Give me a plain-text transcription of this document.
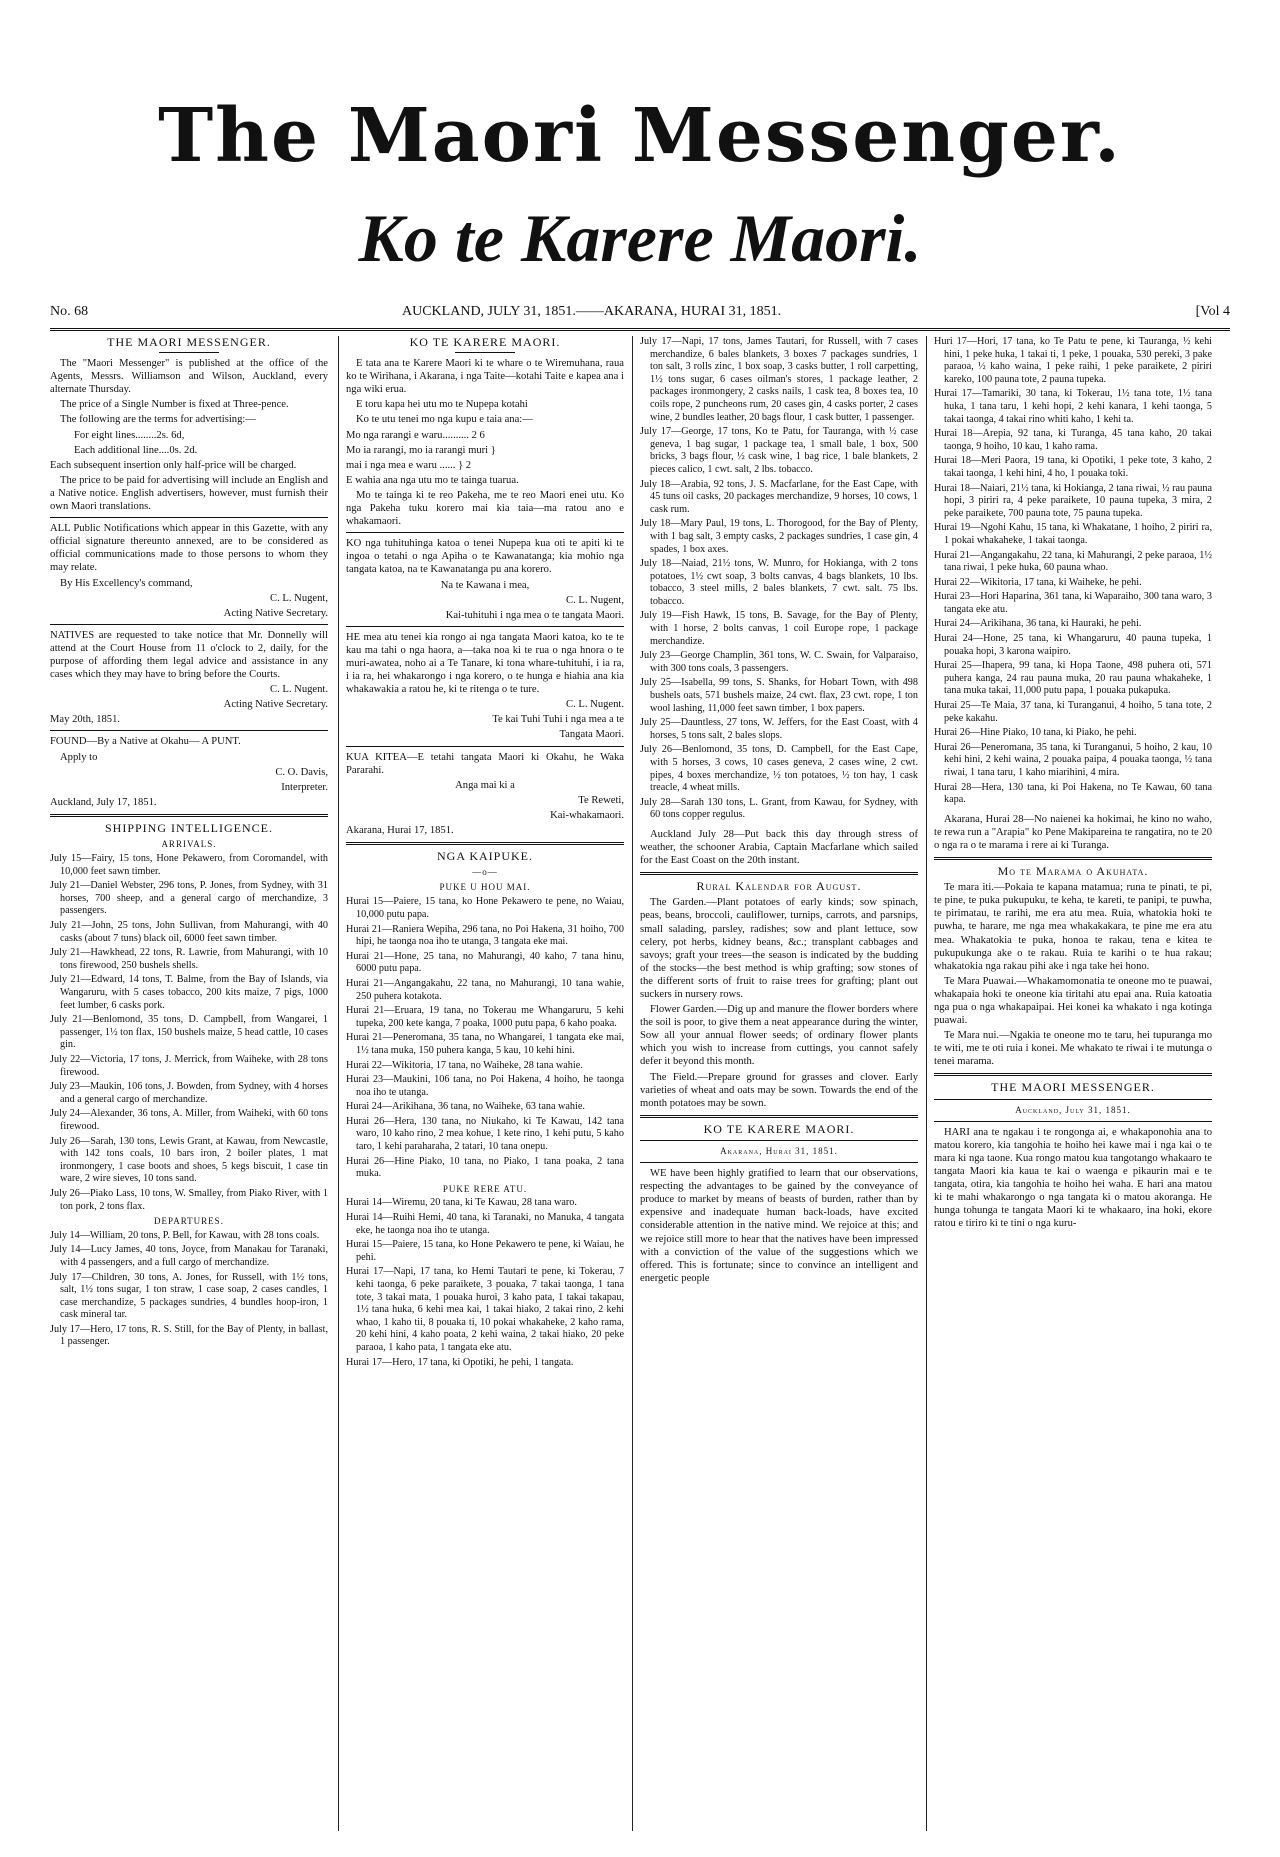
The Maori Messenger.
Ko te Karere Maori.
No. 68	AUCKLAND, JULY 31, 1851.——AKARANA, HURAI 31, 1851.	[Vol 4
THE MAORI MESSENGER.

The "Maori Messenger" is published at the office of the Agents, Messrs. Williamson and Wilson, Auckland, every alternate Thursday.

The price of a Single Number is fixed at Three-pence.

The following are the terms for advertising:—

For eight lines........2s. 6d,

Each additional line....0s. 2d.

Each subsequent insertion only half-price will be charged.

The price to be paid for advertising will include an English and a Native notice. English advertisers, however, must furnish their own Maori translations.

ALL Public Notifications which appear in this Gazette, with any official signature thereunto annexed, are to be considered as official communications made to those persons to whom they may relate.

By His Excellency's command,

C. L. Nugent,

Acting Native Secretary.

NATIVES are requested to take notice that Mr. Donnelly will attend at the Court House from 11 o'clock to 2, daily, for the purpose of affording them legal advice and assistance in any cases which they may have to bring before the Courts.

C. L. Nugent.

Acting Native Secretary.

May 20th, 1851.

FOUND—By a Native at Okahu— A PUNT.

Apply to

C. O. Davis,

Interpreter.

Auckland, July 17, 1851.

SHIPPING INTELLIGENCE.
ARRIVALS.

July 15—Fairy, 15 tons, Hone Pekawero, from Coromandel, with 10,000 feet sawn timber.

July 21—Daniel Webster, 296 tons, P. Jones, from Sydney, with 31 horses, 700 sheep, and a general cargo of merchandize, 3 passengers.

July 21—John, 25 tons, John Sullivan, from Mahurangi, with 40 casks (about 7 tuns) black oil, 6000 feet sawn timber.

July 21—Hawkhead, 22 tons, R. Lawrie, from Mahurangi, with 10 tons firewood, 250 bushels shells.

July 21—Edward, 14 tons, T. Balme, from the Bay of Islands, via Wangaruru, with 5 cases tobacco, 200 kits maize, 7 pigs, 1000 feet lumber, 6 casks pork.

July 21—Benlomond, 35 tons, D. Campbell, from Wangarei, 1 passenger, 1½ ton flax, 150 bushels maize, 5 head cattle, 10 cases gin.

July 22—Victoria, 17 tons, J. Merrick, from Waiheke, with 28 tons firewood.

July 23—Maukin, 106 tons, J. Bowden, from Sydney, with 4 horses and a general cargo of merchandize.

July 24—Alexander, 36 tons, A. Miller, from Waiheki, with 60 tons firewood.

July 26—Sarah, 130 tons, Lewis Grant, at Kawau, from Newcastle, with 142 tons coals, 10 bars iron, 2 boiler plates, 1 mat ironmongery, 1 case boots and shoes, 5 kegs biscuit, 1 case tin ware, 2 wire sieves, 10 tons sand.

July 26—Piako Lass, 10 tons, W. Smalley, from Piako River, with 1 ton pork, 2 tons flax.

DEPARTURES.

July 14—William, 20 tons, P. Bell, for Kawau, with 28 tons coals.

July 14—Lucy James, 40 tons, Joyce, from Manakau for Taranaki, with 4 passengers, and a full cargo of merchandize.

July 17—Children, 30 tons, A. Jones, for Russell, with 1½ tons, salt, 1½ tons sugar, 1 ton straw, 1 case soap, 2 cases candles, 1 case merchandize, 5 packages sundries, 4 bundles hoop-iron, 1 cask mineral tar.

July 17—Hero, 17 tons, R. S. Still, for the Bay of Plenty, in ballast, 1 passenger.

KO TE KARERE MAORI.

E tata ana te Karere Maori ki te whare o te Wiremuhana, raua ko te Wirihana, i Akarana, i nga Taite—kotahi Taite e kapea ana i nga wiki erua.

E toru kapa hei utu mo te Nupepa kotahi

Ko te utu tenei mo nga kupu e taia ana:—

Mo nga rarangi e waru.......... 2 6

Mo ia rarangi, mo ia rarangi muri }

mai i nga mea e waru ...... } 2

E wahia ana nga utu mo te tainga tuarua.

Mo te tainga ki te reo Pakeha, me te reo Maori enei utu. Ko nga Pakeha tuku korero mai kia taia—ma ratou ano e whakamaori.

KO nga tuhituhinga katoa o tenei Nupepa kua oti te apiti ki te ingoa o tetahi o nga Apiha o te Kawanatanga; kia mohio nga tangata katoa, na te Kawanatanga pu ana korero.

Na te Kawana i mea,

C. L. Nugent,

Kai-tuhituhi i nga mea o te tangata Maori.

HE mea atu tenei kia rongo ai nga tangata Maori katoa, ko te te kau ma tahi o nga haora, a—taka noa ki te rua o nga hnora o te muri-awatea, noho ai a Te Tanare, ki tona whare-tuhituhi, i ia ra, i ia ra, hei whakarongo i nga korero, o te hunga e hiahia ana kia whakawakia a ratou he, ki te ritenga o te ture.

C. L. Nugent.

Te kai Tuhi Tuhi i nga mea a te

Tangata Maori.

KUA KITEA—E tetahi tangata Maori ki Okahu, he Waka Pararahi.

Anga mai ki a

Te Reweti,

Kai-whakamaori.

Akarana, Hurai 17, 1851.

NGA KAIPUKE.
—o—
PUKE U HOU MAI.

Hurai 15—Paiere, 15 tana, ko Hone Pekawero te pene, no Waiau, 10,000 putu papa.

Hurai 21—Raniera Wepiha, 296 tana, no Poi Hakena, 31 hoiho, 700 hipi, he taonga noa iho te utanga, 3 tangata eke mai.

Hurai 21—Hone, 25 tana, no Mahurangi, 40 kaho, 7 tana hinu, 6000 putu papa.

Hurai 21—Angangakahu, 22 tana, no Mahurangi, 10 tana wahie, 250 puhera kotakota.

Hurai 21—Eruara, 19 tana, no Tokerau me Whangaruru, 5 kehi tupeka, 200 kete kanga, 7 poaka, 1000 putu papa, 6 kaho poaka.

Hurai 21—Peneromana, 35 tana, no Whangarei, 1 tangata eke mai, 1½ tana muka, 150 puhera kanga, 5 kau, 10 kehi hini.

Hurai 22—Wikitoria, 17 tana, no Waiheke, 28 tana wahie.

Hurai 23—Maukini, 106 tana, no Poi Hakena, 4 hoiho, he taonga noa iho te utanga.

Hurai 24—Arikihana, 36 tana, no Waiheke, 63 tana wahie.

Hurai 26—Hera, 130 tana, no Niukaho, ki Te Kawau, 142 tana waro, 10 kaho rino, 2 mea kohue, 1 kete rino, 1 kehi putu, 5 kaho taro, 1 kehi paraharaha, 2 tatari, 10 tana onepu.

Hurai 26—Hine Piako, 10 tana, no Piako, 1 tana poaka, 2 tana muka.

PUKE RERE ATU.

Hurai 14—Wiremu, 20 tana, ki Te Kawau, 28 tana waro.

Hurai 14—Ruihi Hemi, 40 tana, ki Taranaki, no Manuka, 4 tangata eke, he taonga noa iho te utanga.

Hurai 15—Paiere, 15 tana, ko Hone Pekawero te pene, ki Waiau, he pehi.

Hurai 17—Napi, 17 tana, ko Hemi Tautari te pene, ki Tokerau, 7 kehi taonga, 6 peke paraikete, 3 pouaka, 7 takai taonga, 1 tana tote, 3 takai mata, 1 pouaka huroi, 3 kaho pata, 1 takai takapau, 1½ tana huka, 6 kehi mea kai, 1 takai hiako, 2 takai rino, 2 kehi whao, 1 kaho tii, 8 pouaka ti, 10 pokai whakaheke, 2 kaho rama, 20 kehi hini, 4 kaho poata, 2 kehi waina, 2 takai hiako, 20 peke paraoa, 1 kaho pata, 1 tangata eke atu.

Hurai 17—Hero, 17 tana, ki Opotiki, he pehi, 1 tangata.

July 17—Napi, 17 tons, James Tautari, for Russell, with 7 cases merchandize, 6 bales blankets, 3 boxes 7 packages sundries, 1 ton salt, 3 rolls zinc, 1 box soap, 3 casks butter, 1 roll carpetting, 1½ tons sugar, 6 cases oilman's stores, 1 package leather, 2 packages ironmongery, 2 casks nails, 1 cask tea, 8 boxes tea, 10 coils rope, 2 puncheons rum, 20 cases gin, 4 casks porter, 2 cases wine, 2 bundles leather, 20 bags flour, 1 cask butter, 1 passenger.

July 17—George, 17 tons, Ko te Patu, for Tauranga, with ½ case geneva, 1 bag sugar, 1 package tea, 1 small bale, 1 box, 500 bricks, 3 bags flour, ½ cask wine, 1 bag rice, 1 bale blankets, 2 pieces calico, 1 cwt. salt, 2 lbs. tobacco.

July 18—Arabia, 92 tons, J. S. Macfarlane, for the East Cape, with 45 tuns oil casks, 20 packages merchandize, 9 horses, 10 cows, 1 cask rum.

July 18—Mary Paul, 19 tons, L. Thorogood, for the Bay of Plenty, with 1 bag salt, 3 empty casks, 2 packages sundries, 1 case gin, 4 spades, 1 box axes.

July 18—Naiad, 21½ tons, W. Munro, for Hokianga, with 2 tons potatoes, 1½ cwt soap, 3 bolts canvas, 4 bags blankets, 10 lbs. tobacco, 3 steel mills, 2 bales blankets, 7 cwt. salt. 75 lbs. tobacco.

July 19—Fish Hawk, 15 tons, B. Savage, for the Bay of Plenty, with 1 horse, 2 bolts canvas, 1 coil Europe rope, 1 package merchandize.

July 23—George Champlin, 361 tons, W. C. Swain, for Valparaiso, with 300 tons coals, 3 passengers.

July 25—Isabella, 99 tons, S. Shanks, for Hobart Town, with 498 bushels oats, 571 bushels maize, 24 cwt. flax, 23 cwt. rope, 1 ton wool lashing, 11,000 feet sawn timber, 1 box papers.

July 25—Dauntless, 27 tons, W. Jeffers, for the East Coast, with 4 horses, 5 tons salt, 2 bales slops.

July 26—Benlomond, 35 tons, D. Campbell, for the East Cape, with 5 horses, 3 cows, 10 cases geneva, 2 cases wine, 2 cwt. pipes, 4 boxes merchandize, ½ ton potatoes, ½ ton hay, 1 cask treacle, 4 wheat mills.

July 28—Sarah 130 tons, L. Grant, from Kawau, for Sydney, with 60 tons copper regulus.

Auckland July 28—Put back this day through stress of weather, the schooner Arabia, Captain Macfarlane which sailed for the East Coast on the 20th instant.

Rural Kalendar for August.

The Garden.—Plant potatoes of early kinds; sow spinach, peas, beans, broccoli, cauliflower, turnips, carrots, and parsnips, small salading, parsley, radishes; sow and plant lettuce, sow celery, pot herbs, kidney beans, &c.; transplant cabbages and savoys; graft your trees—the season is indicated by the budding of the stocks—the best method is whip grafting; sow stones of the different sorts of fruit to raise trees for grafting; plant out suckers in nursery rows.

Flower Garden.—Dig up and manure the flower borders where the soil is poor, to give them a neat appearance during the winter, Sow all your annual flower seeds; of ordinary flower plants which you wish to increase from cuttings, you cannot safely defer it beyond this month.

The Field.—Prepare ground for grasses and clover. Early varieties of wheat and oats may be sown. Towards the end of the month potatoes may be sown.

KO TE KARERE MAORI.
Akarana, Hurai 31, 1851.

WE have been highly gratified to learn that our observations, respecting the advantages to be gained by the conveyance of produce to market by means of beasts of burden, rather than by expensive and inadequate human back-loads, have excited considerable attention in the native mind. We rejoice at this; and we rejoice still more to hear that the natives have been impressed with a conviction of the value of the suggestions which we offered. This is fortunate; since to convince an intelligent and energetic people

Huri 17—Hori, 17 tana, ko Te Patu te pene, ki Tauranga, ½ kehi hini, 1 peke huka, 1 takai ti, 1 peke, 1 pouaka, 530 pereki, 3 pake paraoa, ½ kaho waina, 1 peke raihi, 1 peke paraikete, 2 piriri kareko, 100 pauna tote, 2 pauna tupeka.

Hurai 17—Tamariki, 30 tana, ki Tokerau, 1½ tana tote, 1½ tana huka, 1 tana taru, 1 kehi hopi, 2 kehi kanara, 1 kehi taonga, 5 takai taonga, 4 takai rino whiti kaho, 1 kehi ta.

Hurai 18—Arepia, 92 tana, ki Turanga, 45 tana kaho, 20 takai taonga, 9 hoiho, 10 kau, 1 kaho rama.

Hurai 18—Meri Paora, 19 tana, ki Opotiki, 1 peke tote, 3 kaho, 2 takai taonga, 1 kehi hini, 4 ho, 1 pouaka toki.

Hurai 18—Naiari, 21½ tana, ki Hokianga, 2 tana riwai, ½ rau pauna hopi, 3 piriri ra, 4 peke paraikete, 10 pauna tupeka, 3 mira, 2 peke paraikete, 700 pauna tote, 75 pauna tupeka.

Hurai 19—Ngohi Kahu, 15 tana, ki Whakatane, 1 hoiho, 2 piriri ra, 1 pokai whakaheke, 1 takai taonga.

Hurai 21—Angangakahu, 22 tana, ki Mahurangi, 2 peke paraoa, 1½ tana riwai, 1 peke huka, 60 pauna whao.

Hurai 22—Wikitoria, 17 tana, ki Waiheke, he pehi.

Hurai 23—Hori Haparina, 361 tana, ki Waparaiho, 300 tana waro, 3 tangata eke atu.

Hurai 24—Arikihana, 36 tana, ki Hauraki, he pehi.

Hurai 24—Hone, 25 tana, ki Whangaruru, 40 pauna tupeka, 1 pouaka hopi, 3 karona waipiro.

Hurai 25—Ihapera, 99 tana, ki Hopa Taone, 498 puhera oti, 571 puhera kanga, 24 rau pauna muka, 20 rau pauna whakaheke, 1 tana muka takai, 11,000 putu papa, 1 pouaka pukapuka.

Hurai 25—Te Maia, 37 tana, ki Turanganui, 4 hoiho, 5 tana tote, 2 peke kakahu.

Hurai 26—Hine Piako, 10 tana, ki Piako, he pehi.

Hurai 26—Peneromana, 35 tana, ki Turanganui, 5 hoiho, 2 kau, 10 kehi hini, 2 kehi waina, 2 pouaka paipa, 4 pouaka taonga, ½ tana riwai, 1 tana taru, 1 kaho miarihini, 4 mira.

Hurai 28—Hera, 130 tana, ki Poi Hakena, no Te Kawau, 60 tana kapa.

Akarana, Hurai 28—No naienei ka hokimai, he kino no waho, te rewa run a "Arapia" ko Pene Makipareina te rangatira, no te 20 o nga ra o te marama i rere ai ki Turanga.

Mo te Marama o Akuhata.

Te mara iti.—Pokaia te kapana matamua; runa te pinati, te pi, te pine, te puka pukupuku, te keha, te kareti, te panipi, te puwha, te pirimatau, te rarihi, me era atu mea. Ruia, whatokia hoki te puwha, te harare, me nga mea whakakakara, te pine me era atu mea. Whakatokia te puka, honoa te rakau, tena e kitea te pukupukunga ake o te rakau. Ruia te karihi o te hua rakau; whakatokia nga rakau pihi ake i nga take hei hono.

Te Mara Puawai.—Whakamomonatia te oneone mo te puawai, whakapaia hoki te oneone kia tiritahi atu epai ana. Ruia katoatia nga pua o nga whakapaipai. Hei konei ka whakato i nga kotinga puawai.

Te Mara nui.—Ngakia te oneone mo te taru, hei tupuranga mo te witi, me te oti ruia i konei. Me whakato te riwai i te mutunga o tenei marama.

THE MAORI MESSENGER.
Auckland, July 31, 1851.

HARI ana te ngakau i te rongonga ai, e whakaponohia ana to matou korero, kia tangohia te hoiho hei kawe mai i nga kai o te mara ki nga taone. Kua rongo matou kua tangotango whakaaro te tangata Maori kia kaua te kai o waenga e pikaurin mai e te tangata, otira, kia tangohia te hoiho hei waha. E hari ana matou ki te mahi whakarongo o nga tangata ki o matou akoranga. He hunga tohunga te tangata Maori ki te whakaaro, ina hoki, ekore ratou e tiriro ki te tini o nga kuru-
